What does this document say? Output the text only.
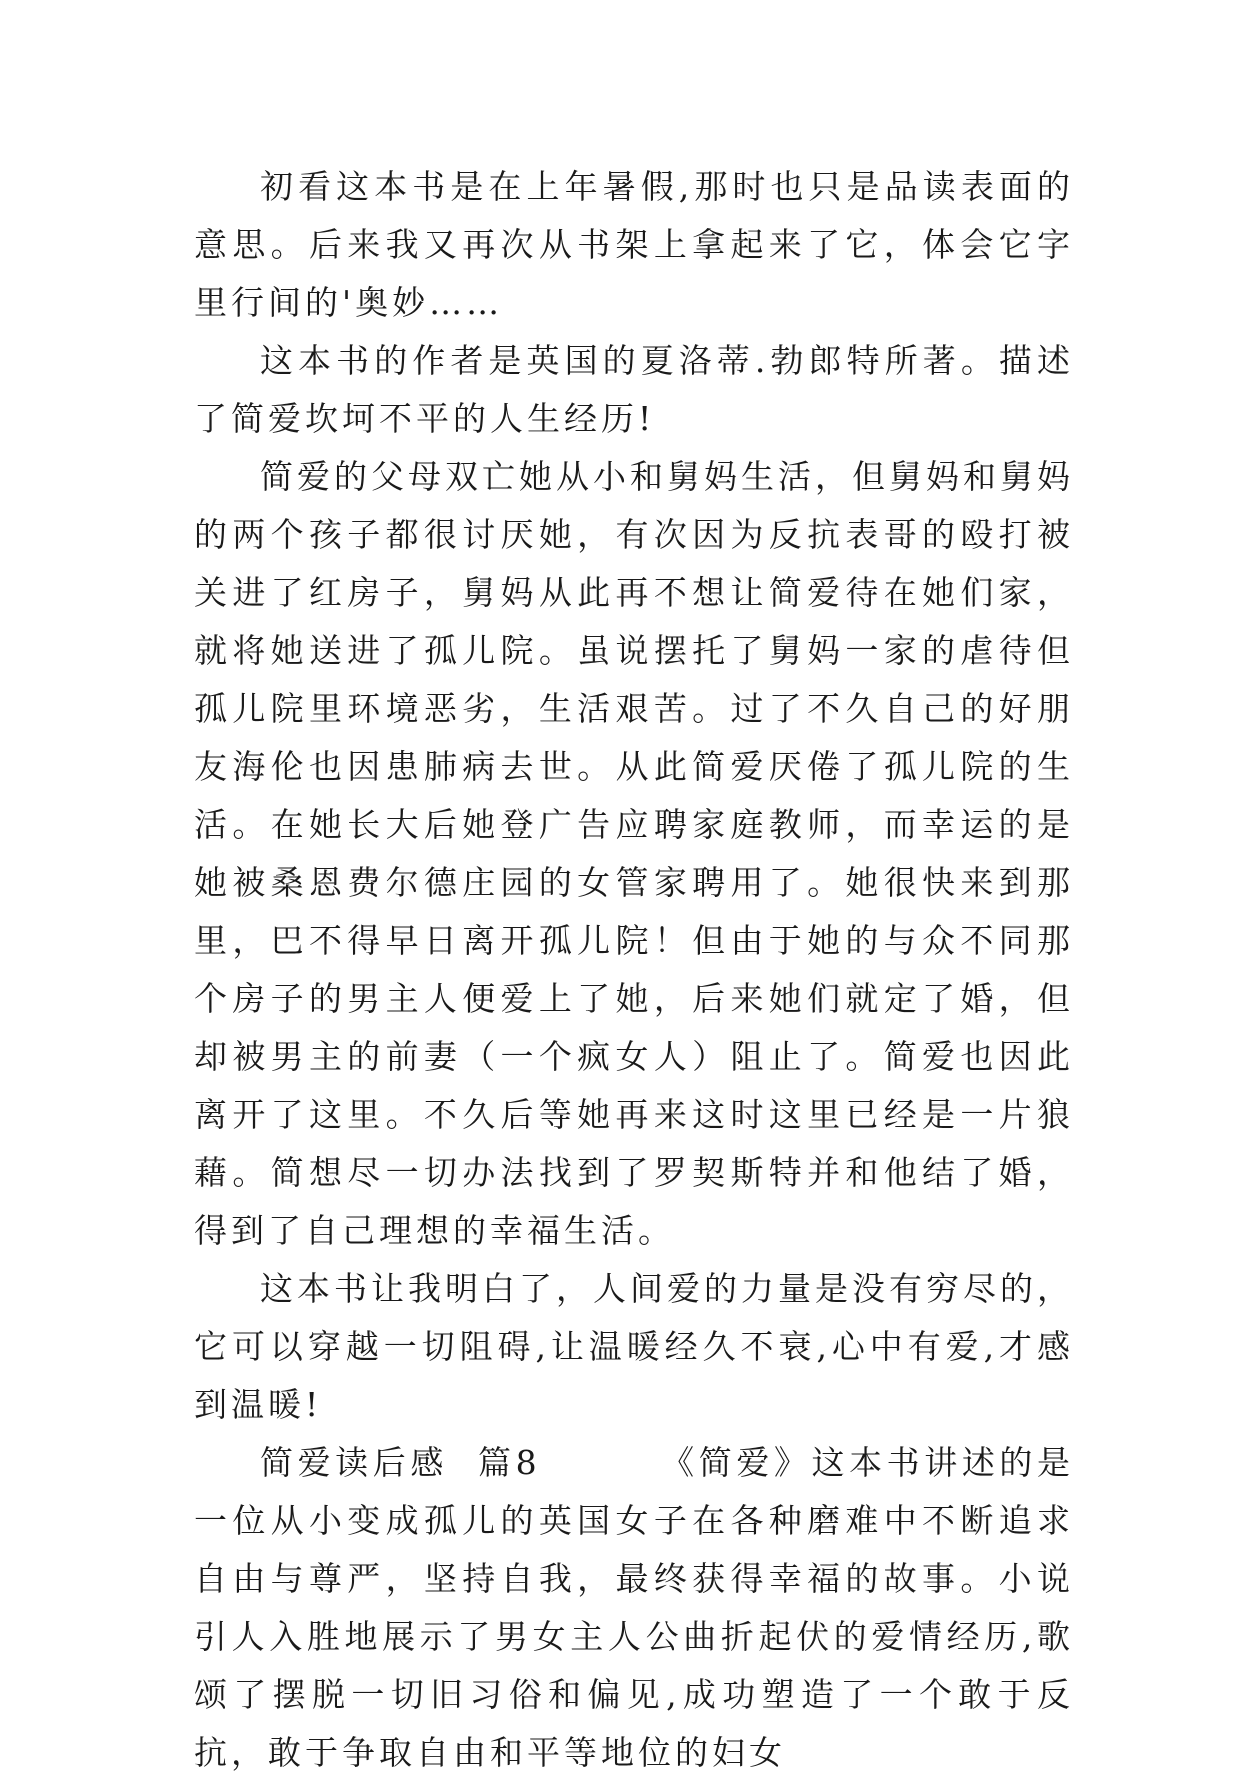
初看这本书是在上年暑假,那时也只是品读表面的意思。后来我又再次从书架上拿起来了它，体会它字里行间的'奥妙……

这本书的作者是英国的夏洛蒂.勃郎特所著。描述了简爱坎坷不平的人生经历!

简爱的父母双亡她从小和舅妈生活，但舅妈和舅妈的两个孩子都很讨厌她，有次因为反抗表哥的殴打被关进了红房子，舅妈从此再不想让简爱待在她们家，就将她送进了孤儿院。虽说摆托了舅妈一家的虐待但孤儿院里环境恶劣，生活艰苦。过了不久自己的好朋友海伦也因患肺病去世。从此简爱厌倦了孤儿院的生活。在她长大后她登广告应聘家庭教师，而幸运的是她被桑恩费尔德庄园的女管家聘用了。她很快来到那里，巴不得早日离开孤儿院！但由于她的与众不同那个房子的男主人便爱上了她，后来她们就定了婚，但却被男主的前妻（一个疯女人）阻止了。简爱也因此离开了这里。不久后等她再来这时这里已经是一片狼藉。简想尽一切办法找到了罗契斯特并和他结了婚，得到了自己理想的幸福生活。

这本书让我明白了，人间爱的力量是没有穷尽的，它可以穿越一切阻碍,让温暖经久不衰,心中有爱,才感到温暖!

简爱读后感  篇8        《简爱》这本书讲述的是一位从小变成孤儿的英国女子在各种磨难中不断追求自由与尊严，坚持自我，最终获得幸福的故事。小说引人入胜地展示了男女主人公曲折起伏的爱情经历,歌颂了摆脱一切旧习俗和偏见,成功塑造了一个敢于反抗，敢于争取自由和平等地位的妇女
